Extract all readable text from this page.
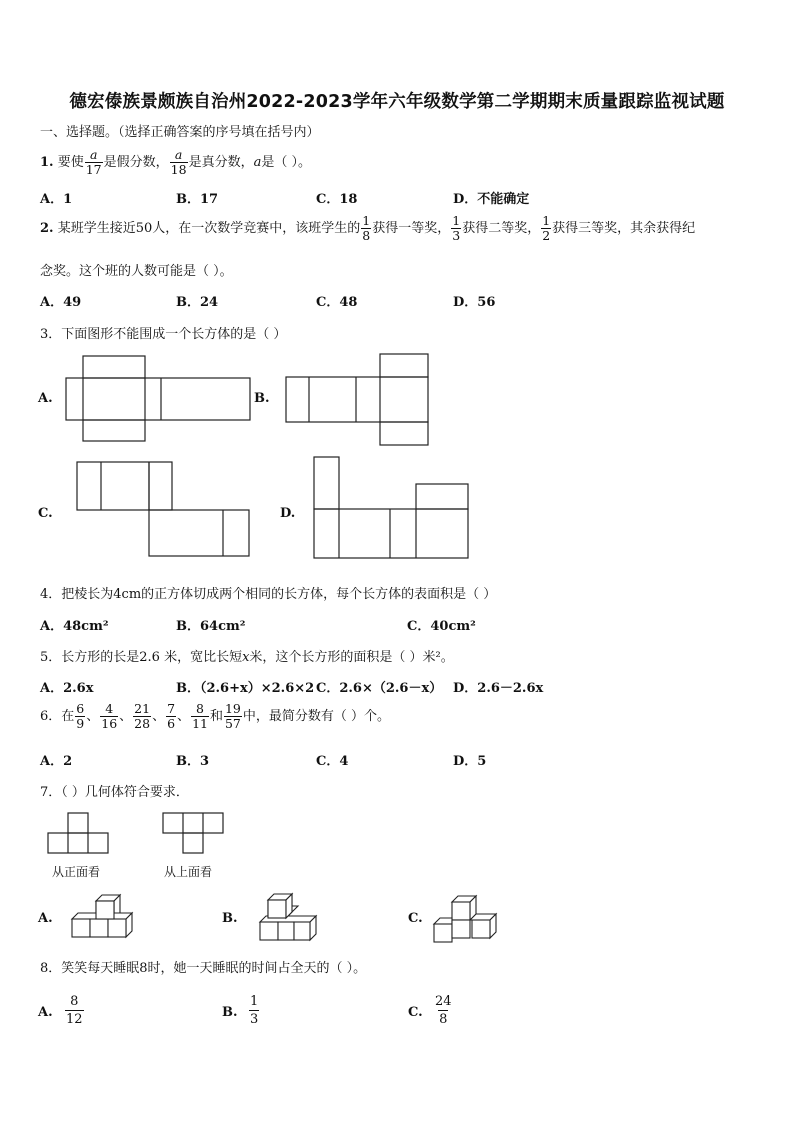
德宏傣族景颇族自治州2022-2023学年六年级数学第二学期期末质量跟踪监视试题
一、选择题。（选择正确答案的序号填在括号内）
1. 要使 $\frac{a}{17}$ 是假分数， $\frac{a}{18}$ 是真分数，a是（ ）。
A．1	B．17	C．18	D．不能确定
2. 某班学生接近50人，在一次数学竞赛中，该班学生的 $\frac{1}{8}$ 获得一等奖， $\frac{1}{3}$ 获得二等奖， $\frac{1}{2}$ 获得三等奖，其余获得纪
念奖。这个班的人数可能是（ ）。
A．49	B．24	C．48	D．56
3．下面图形不能围成一个长方体的是（ ）
A.	B.
C.	D.
4．把棱长为4cm的正方体切成两个相同的长方体，每个长方体的表面积是（ ）
A．48cm²	B．64cm²	C．40cm²
5．长方形的长是2.6 米，宽比长短x米，这个长方形的面积是（ ）米²。
A．2.6x	B．（2.6+x）×2.6×2 C．2.6×（2.6－x） D．2.6－2.6x
6．在 $\frac{6}{9}$ 、 $\frac{4}{16}$ 、 $\frac{21}{28}$ 、 $\frac{7}{6}$ 、 $\frac{8}{11}$ 和 $\frac{19}{57}$ 中，最简分数有（ ）个。
A．2	B．3	C．4	D．5
7．（ ）几何体符合要求．
从正面看	从上面看
A.	B.	C.
8．笑笑每天睡眠8时，她一天睡眠的时间占全天的（ ）。
A. $\frac{8}{12}$	B. $\frac{1}{3}$	C. $\frac{24}{8}$
